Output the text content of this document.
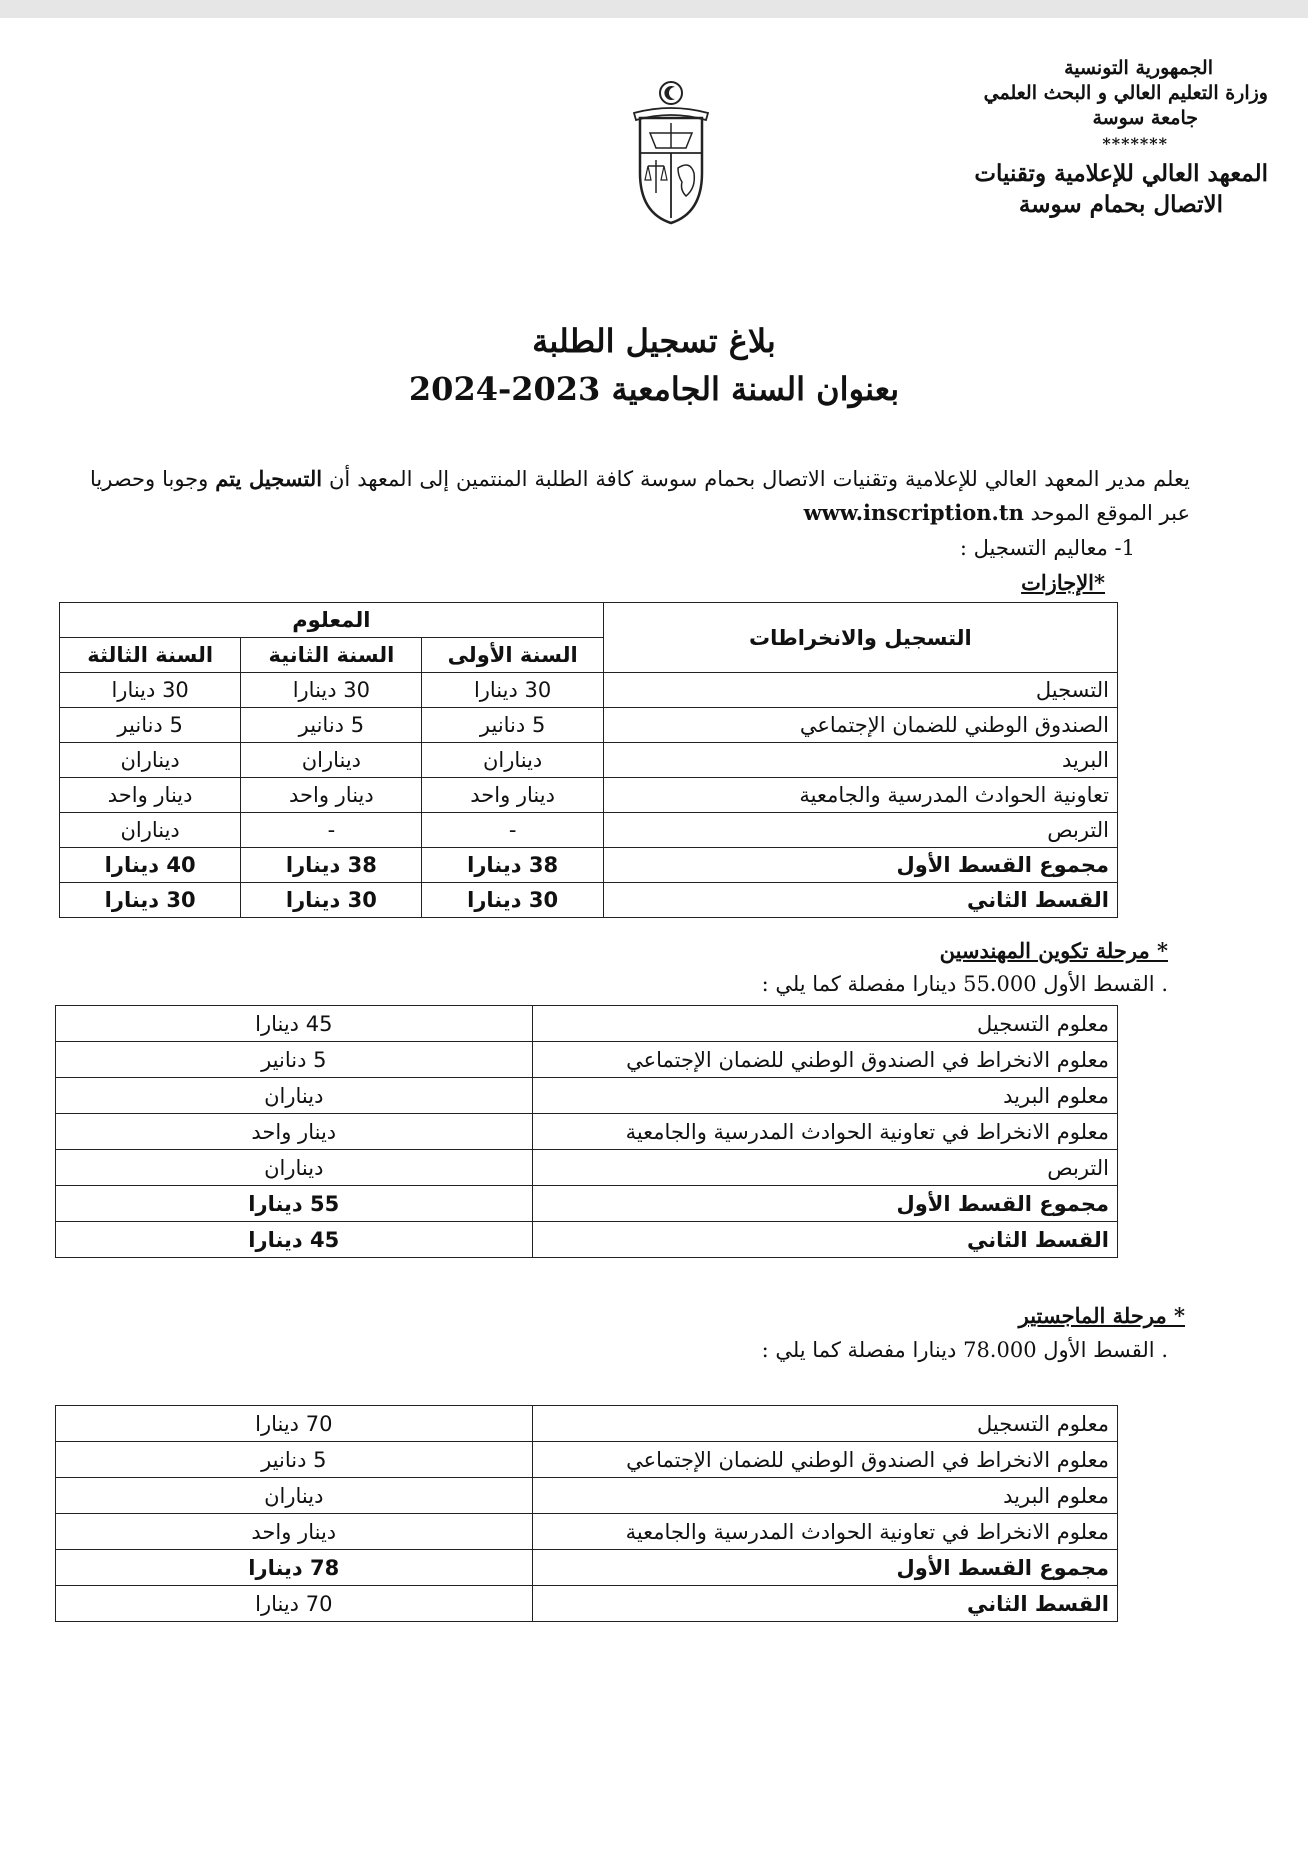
الجمهورية التونسية
وزارة التعليم العالي و البحث العلمي
جامعة سوسة
*******
المعهد العالي للإعلامية وتقنيات
الاتصال بحمام سوسة
بلاغ تسجيل الطلبة
بعنوان السنة الجامعية 2023-2024
يعلم مدير المعهد العالي للإعلامية وتقنيات الاتصال بحمام سوسة كافة الطلبة المنتمين إلى المعهد أن التسجيل يتم وجوبا وحصريا عبر الموقع الموحد www.inscription.tn
1- معاليم التسجيل :
*الإجازات
التسجيل والانخراطات	المعلوم		
	السنة الأولى	السنة الثانية	السنة الثالثة
التسجيل	30 دينارا	30 دينارا	30 دينارا
الصندوق الوطني للضمان الإجتماعي	5 دنانير	5 دنانير	5 دنانير
البريد	ديناران	ديناران	ديناران
تعاونية الحوادث المدرسية والجامعية	دينار واحد	دينار واحد	دينار واحد
التربص	-	-	ديناران
مجموع القسط الأول	38 دينارا	38 دينارا	40 دينارا
القسط الثاني	30 دينارا	30 دينارا	30 دينارا
* مرحلة تكوين المهندسين
. القسط الأول 55.000 دينارا مفصلة كما يلي :
معلوم التسجيل	45 دينارا
معلوم الانخراط في الصندوق الوطني للضمان الإجتماعي	5 دنانير
معلوم البريد	ديناران
معلوم الانخراط في تعاونية الحوادث المدرسية والجامعية	دينار واحد
التربص	ديناران
مجموع القسط الأول	55 دينارا
القسط الثاني	45 دينارا
* مرحلة الماجستير
. القسط الأول 78.000 دينارا مفصلة كما يلي :
معلوم التسجيل	70 دينارا
معلوم الانخراط في الصندوق الوطني للضمان الإجتماعي	5 دنانير
معلوم البريد	ديناران
معلوم الانخراط في تعاونية الحوادث المدرسية والجامعية	دينار واحد
مجموع القسط الأول	78 دينارا
القسط الثاني	70 دينارا
